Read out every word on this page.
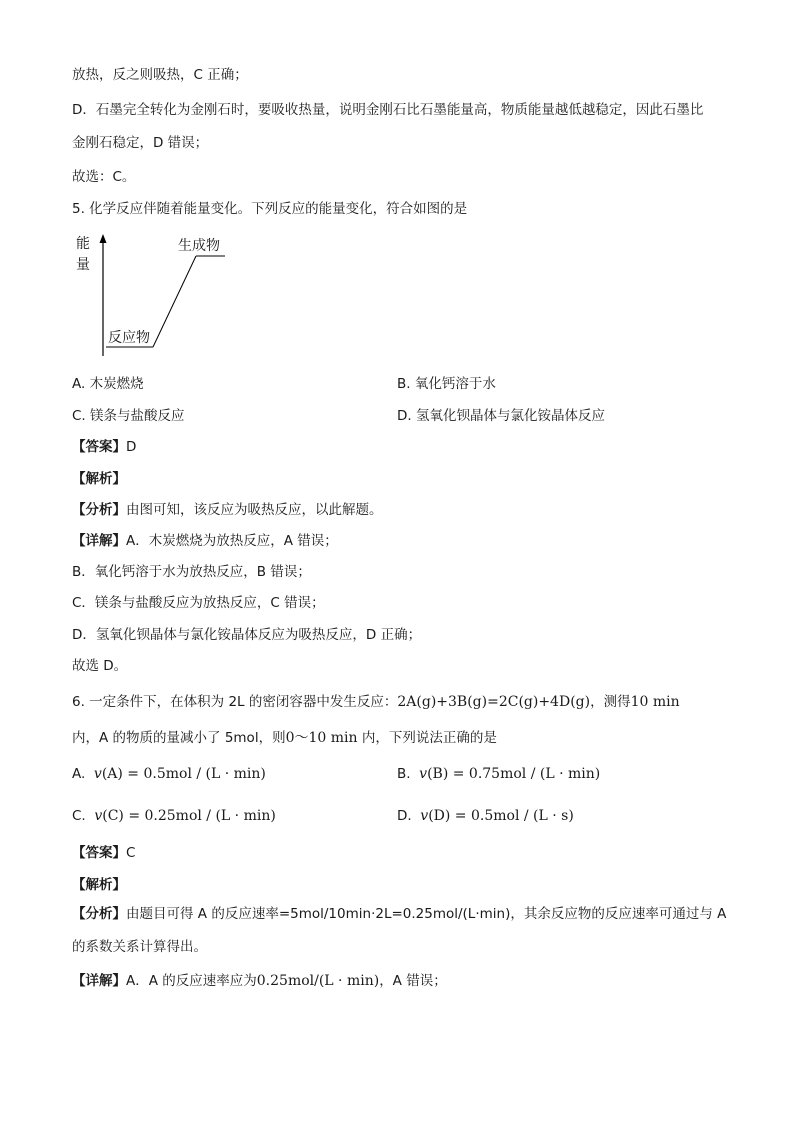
放热，反之则吸热，C 正确；
D．石墨完全转化为金刚石时，要吸收热量，说明金刚石比石墨能量高，物质能量越低越稳定，因此石墨比
金刚石稳定，D 错误；
故选：C。
5. 化学反应伴随着能量变化。下列反应的能量变化，符合如图的是
能
量
生成物
反应物
A. 木炭燃烧	B. 氧化钙溶于水
C. 镁条与盐酸反应	D. 氢氧化钡晶体与氯化铵晶体反应
【答案】D
【解析】
【分析】由图可知，该反应为吸热反应，以此解题。
【详解】A．木炭燃烧为放热反应，A 错误；
B．氧化钙溶于水为放热反应，B 错误；
C．镁条与盐酸反应为放热反应，C 错误；
D．氢氧化钡晶体与氯化铵晶体反应为吸热反应，D 正确；
故选 D。
6. 一定条件下，在体积为 2L 的密闭容器中发生反应：2A(g)+3B(g)=2C(g)+4D(g)，测得10 min
内，A 的物质的量减小了 5mol，则0～10 min 内，下列说法正确的是
A. v(A) = 0.5mol / (L · min)	B. v(B) = 0.75mol / (L · min)
C. v(C) = 0.25mol / (L · min)	D. v(D) = 0.5mol / (L · s)
【答案】C
【解析】
【分析】由题目可得 A 的反应速率=5mol/10min·2L=0.25mol/(L·min)，其余反应物的反应速率可通过与 A
的系数关系计算得出。
【详解】A．A 的反应速率应为0.25mol/(L · min)，A 错误；
